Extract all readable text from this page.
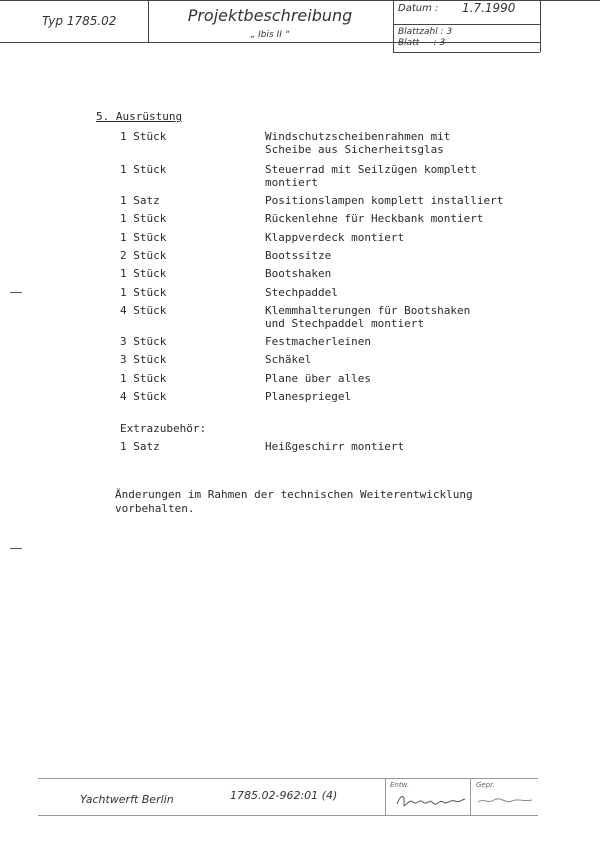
Typ 1785.02	Projektbeschreibung
„ Ibis II “
Datum : 1.7.1990
Blattzahl : 3
Blatt     : 3

5. Ausrüstung
1 Stück	Windschutzscheibenrahmen mit
Scheibe aus Sicherheitsglas
1 Stück	Steuerrad mit Seilzügen komplett
montiert
1 Satz	Positionslampen komplett installiert
1 Stück	Rückenlehne für Heckbank montiert
1 Stück	Klappverdeck montiert
2 Stück	Bootssitze
1 Stück	Bootshaken
1 Stück	Stechpaddel
4 Stück	Klemmhalterungen für Bootshaken
und Stechpaddel montiert
3 Stück	Festmacherleinen
3 Stück	Schäkel
1 Stück	Plane über alles
4 Stück	Planespriegel
Extrazubehör:
1 Satz	Heißgeschirr montiert
Änderungen im Rahmen der technischen Weiterentwicklung
vorbehalten.
Yachtwerft Berlin	1785.02-962:01 (4)
Entw.	Gepr.
